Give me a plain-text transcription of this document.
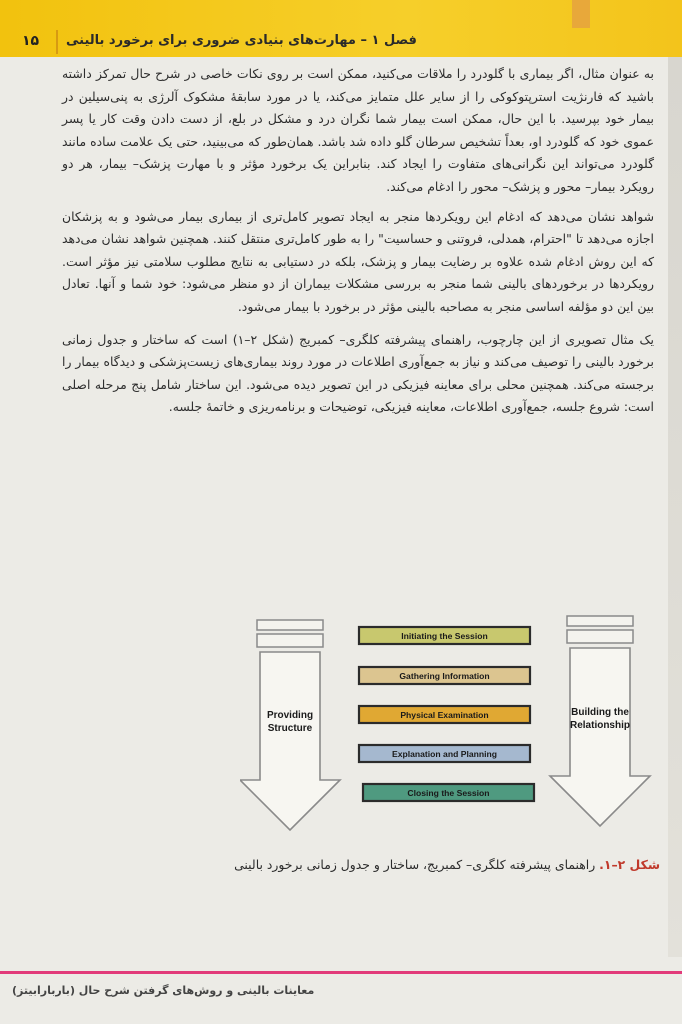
۱۵ فصل ۱ – مهارت‌های بنیادی ضروری برای برخورد بالینی

به عنوان مثال، اگر بیماری با گلودرد را ملاقات می‌کنید، ممکن است بر روی نکات خاصی در شرح حال تمرکز داشته باشید که فارنژیت استرپتوکوکی را از سایر علل متمایز می‌کند، یا در مورد سابقهٔ مشکوک آلرژی به پنی‌سیلین در بیمار خود بپرسید. با این حال، ممکن است بیمار شما نگران درد و مشکل در بلع، از دست دادن وقت کار یا پسر عموی خود که گلودرد او، بعداً تشخیص سرطان گلو داده شد باشد. همان‌طور که می‌بینید، حتی یک علامت ساده مانند گلودرد می‌تواند این نگرانی‌های متفاوت را ایجاد کند. بنابراین یک برخورد مؤثر و با مهارت پزشک– بیمار، هر دو رویکرد بیمار– محور و پزشک– محور را ادغام می‌کند.

شواهد نشان می‌دهد که ادغام این رویکردها منجر به ایجاد تصویر کامل‌تری از بیماری بیمار می‌شود و به پزشکان اجازه می‌دهد تا "احترام، همدلی، فروتنی و حساسیت" را به طور کامل‌تری منتقل کنند. همچنین شواهد نشان می‌دهد که این روش ادغام شده علاوه بر رضایت بیمار و پزشک، بلکه در دستیابی به نتایج مطلوب سلامتی نیز مؤثر است. رویکردها در برخوردهای بالینی شما منجر به بررسی مشکلات بیماران از دو منظر می‌شود: خود شما و آنها. تعادل بین این دو مؤلفه اساسی منجر به مصاحبه بالینی مؤثر در برخورد با بیمار می‌شود.

یک مثال تصویری از این چارچوب، راهنمای پیشرفته کلگری– کمبریج (شکل ۲–۱) است که ساختار و جدول زمانی برخورد بالینی را توصیف می‌کند و نیاز به جمع‌آوری اطلاعات در مورد روند بیماری‌های زیست‌پزشکی و دیدگاه بیمار را برجسته می‌کند. همچنین محلی برای معاینه فیزیکی در این تصویر دیده می‌شود. این ساختار شامل پنج مرحله اصلی است: شروع جلسه، جمع‌آوری اطلاعات، معاینه فیزیکی، توضیحات و برنامه‌ریزی و خاتمهٔ جلسه.

Providing
Structure
Building the
Relationship
Initiating the Session
Gathering Information
Physical Examination
Explanation and Planning
Closing the Session
شکل ۲–۱. راهنمای پیشرفته کلگری– کمبریج، ساختار و جدول زمانی برخورد بالینی
معاینات بالینی و روش‌های گرفتن شرح حال (باربارابیتز)
